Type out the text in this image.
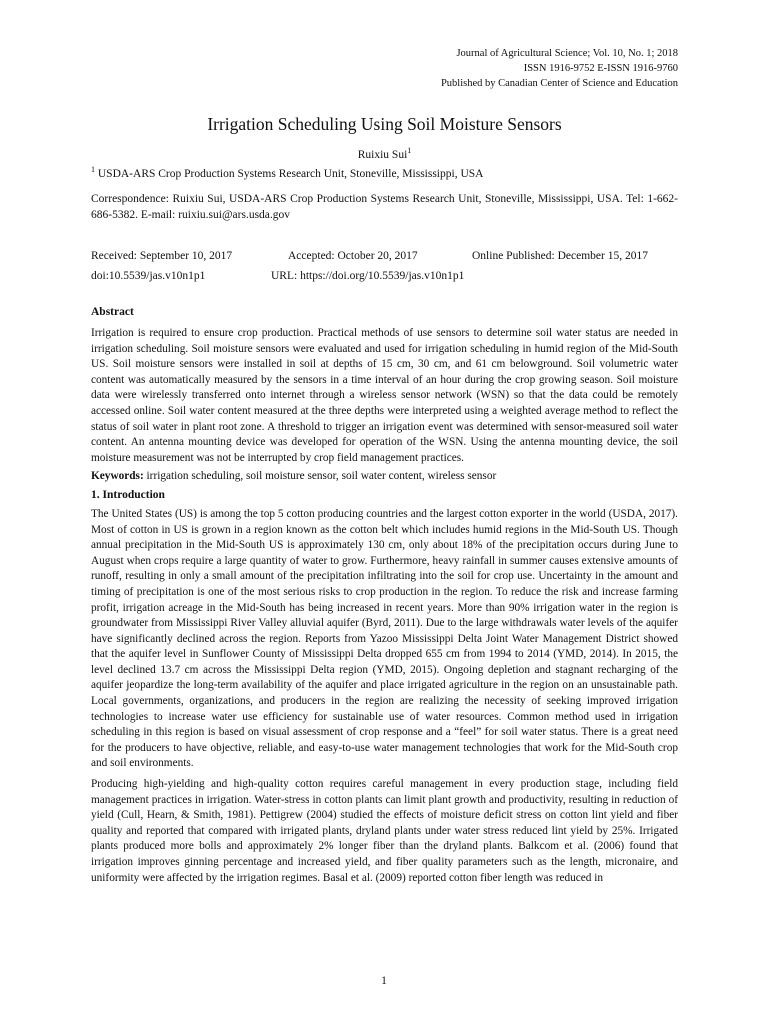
Journal of Agricultural Science; Vol. 10, No. 1; 2018
ISSN 1916-9752 E-ISSN 1916-9760
Published by Canadian Center of Science and Education
Irrigation Scheduling Using Soil Moisture Sensors
Ruixiu Sui$^1$
$^1$ USDA-ARS Crop Production Systems Research Unit, Stoneville, Mississippi, USA
Correspondence: Ruixiu Sui, USDA-ARS Crop Production Systems Research Unit, Stoneville, Mississippi, USA. Tel: 1-662-686-5382. E-mail: ruixiu.sui@ars.usda.gov
Received: September 10, 2017	Accepted: October 20, 2017	Online Published: December 15, 2017
doi:10.5539/jas.v10n1p1	URL: https://doi.org/10.5539/jas.v10n1p1
Abstract

Irrigation is required to ensure crop production. Practical methods of use sensors to determine soil water status are needed in irrigation scheduling. Soil moisture sensors were evaluated and used for irrigation scheduling in humid region of the Mid-South US. Soil moisture sensors were installed in soil at depths of 15 cm, 30 cm, and 61 cm belowground. Soil volumetric water content was automatically measured by the sensors in a time interval of an hour during the crop growing season. Soil moisture data were wirelessly transferred onto internet through a wireless sensor network (WSN) so that the data could be remotely accessed online. Soil water content measured at the three depths were interpreted using a weighted average method to reflect the status of soil water in plant root zone. A threshold to trigger an irrigation event was determined with sensor-measured soil water content. An antenna mounting device was developed for operation of the WSN. Using the antenna mounting device, the soil moisture measurement was not be interrupted by crop field management practices.

Keywords: irrigation scheduling, soil moisture sensor, soil water content, wireless sensor

1. Introduction

The United States (US) is among the top 5 cotton producing countries and the largest cotton exporter in the world (USDA, 2017). Most of cotton in US is grown in a region known as the cotton belt which includes humid regions in the Mid-South US. Though annual precipitation in the Mid-South US is approximately 130 cm, only about 18% of the precipitation occurs during June to August when crops require a large quantity of water to grow. Furthermore, heavy rainfall in summer causes extensive amounts of runoff, resulting in only a small amount of the precipitation infiltrating into the soil for crop use. Uncertainty in the amount and timing of precipitation is one of the most serious risks to crop production in the region. To reduce the risk and increase farming profit, irrigation acreage in the Mid-South has being increased in recent years. More than 90% irrigation water in the region is groundwater from Mississippi River Valley alluvial aquifer (Byrd, 2011). Due to the large withdrawals water levels of the aquifer have significantly declined across the region. Reports from Yazoo Mississippi Delta Joint Water Management District showed that the aquifer level in Sunflower County of Mississippi Delta dropped 655 cm from 1994 to 2014 (YMD, 2014). In 2015, the level declined 13.7 cm across the Mississippi Delta region (YMD, 2015). Ongoing depletion and stagnant recharging of the aquifer jeopardize the long-term availability of the aquifer and place irrigated agriculture in the region on an unsustainable path. Local governments, organizations, and producers in the region are realizing the necessity of seeking improved irrigation technologies to increase water use efficiency for sustainable use of water resources. Common method used in irrigation scheduling in this region is based on visual assessment of crop response and a “feel” for soil water status. There is a great need for the producers to have objective, reliable, and easy-to-use water management technologies that work for the Mid-South crop and soil environments.

Producing high-yielding and high-quality cotton requires careful management in every production stage, including field management practices in irrigation. Water-stress in cotton plants can limit plant growth and productivity, resulting in reduction of yield (Cull, Hearn, & Smith, 1981). Pettigrew (2004) studied the effects of moisture deficit stress on cotton lint yield and fiber quality and reported that compared with irrigated plants, dryland plants under water stress reduced lint yield by 25%. Irrigated plants produced more bolls and approximately 2% longer fiber than the dryland plants. Balkcom et al. (2006) found that irrigation improves ginning percentage and increased yield, and fiber quality parameters such as the length, micronaire, and uniformity were affected by the irrigation regimes. Basal et al. (2009) reported cotton fiber length was reduced in

1
